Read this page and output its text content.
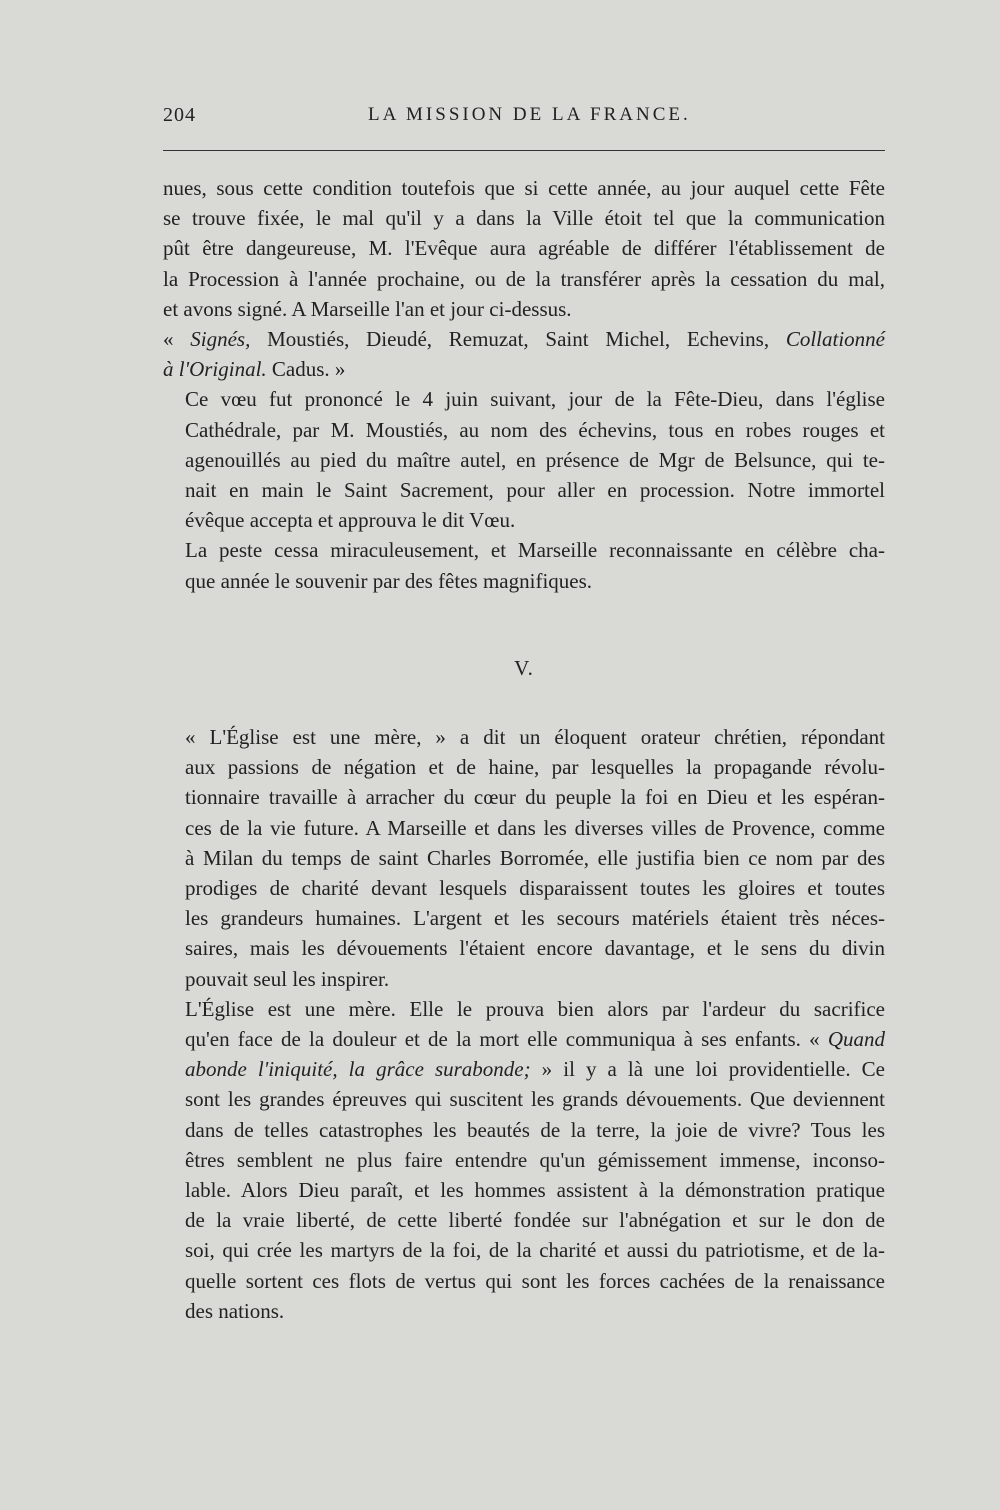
204	LA MISSION DE LA FRANCE.

nues, sous cette condition toutefois que si cette année, au jour auquel cette Fête
se trouve fixée, le mal qu'il y a dans la Ville étoit tel que la communication
pût être dangeureuse, M. l'Evêque aura agréable de différer l'établissement de
la Procession à l'année prochaine, ou de la transférer après la cessation du mal,
et avons signé. A Marseille l'an et jour ci-dessus.

« Signés, Moustiés, Dieudé, Remuzat, Saint Michel, Echevins, Collationné
à l'Original. Cadus. »

Ce vœu fut prononcé le 4 juin suivant, jour de la Fête-Dieu, dans l'église
Cathédrale, par M. Moustiés, au nom des échevins, tous en robes rouges et
agenouillés au pied du maître autel, en présence de Mgr de Belsunce, qui te-
nait en main le Saint Sacrement, pour aller en procession. Notre immortel
évêque accepta et approuva le dit Vœu.

La peste cessa miraculeusement, et Marseille reconnaissante en célèbre cha-
que année le souvenir par des fêtes magnifiques.

V.

« L'Église est une mère, » a dit un éloquent orateur chrétien, répondant
aux passions de négation et de haine, par lesquelles la propagande révolu-
tionnaire travaille à arracher du cœur du peuple la foi en Dieu et les espéran-
ces de la vie future. A Marseille et dans les diverses villes de Provence, comme
à Milan du temps de saint Charles Borromée, elle justifia bien ce nom par des
prodiges de charité devant lesquels disparaissent toutes les gloires et toutes
les grandeurs humaines. L'argent et les secours matériels étaient très néces-
saires, mais les dévouements l'étaient encore davantage, et le sens du divin
pouvait seul les inspirer.

L'Église est une mère. Elle le prouva bien alors par l'ardeur du sacrifice
qu'en face de la douleur et de la mort elle communiqua à ses enfants. « Quand
abonde l'iniquité, la grâce surabonde; » il y a là une loi providentielle. Ce
sont les grandes épreuves qui suscitent les grands dévouements. Que deviennent
dans de telles catastrophes les beautés de la terre, la joie de vivre? Tous les
êtres semblent ne plus faire entendre qu'un gémissement immense, inconso-
lable. Alors Dieu paraît, et les hommes assistent à la démonstration pratique
de la vraie liberté, de cette liberté fondée sur l'abnégation et sur le don de
soi, qui crée les martyrs de la foi, de la charité et aussi du patriotisme, et de la-
quelle sortent ces flots de vertus qui sont les forces cachées de la renaissance
des nations.
